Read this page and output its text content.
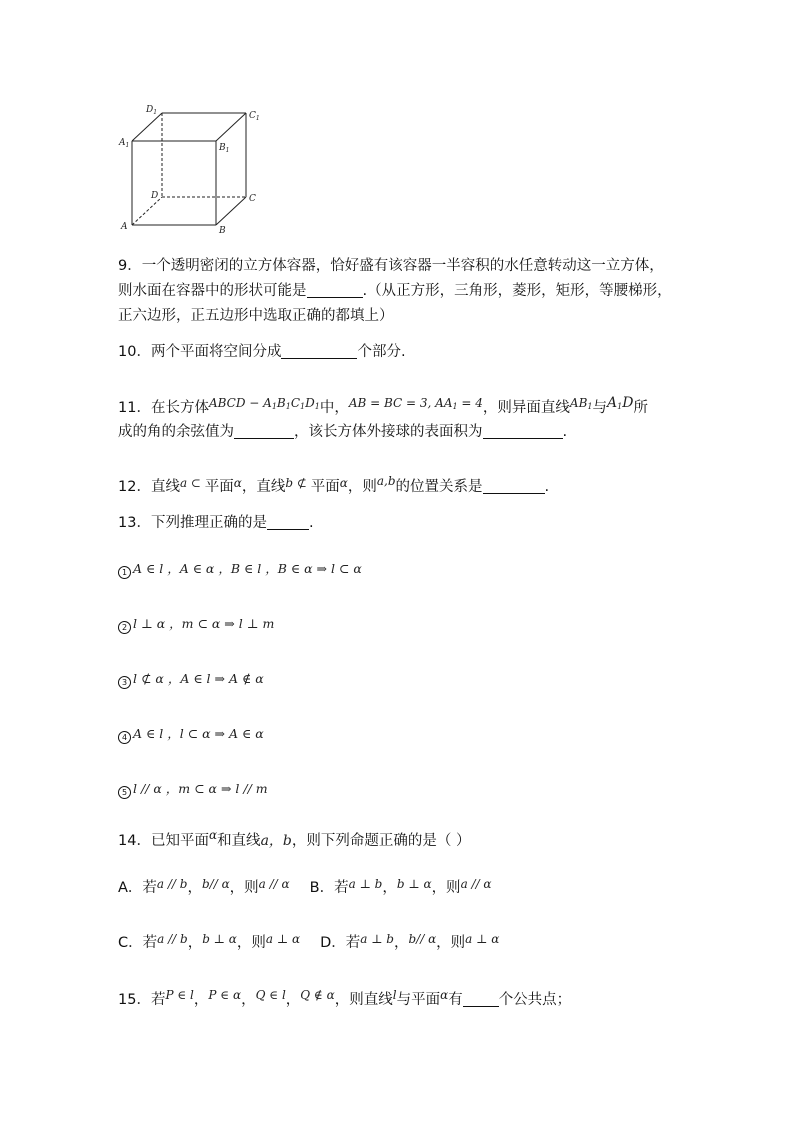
$D_1$	$C_1$
$A_1$	$B_1$
D	C
A	B
9．一个透明密闭的立方体容器，恰好盛有该容器一半容积的水任意转动这一立方体，
则水面在容器中的形状可能是	.（从正方形，三角形，菱形，矩形，等腰梯形，
正六边形，正五边形中选取正确的都填上）
10．两个平面将空间分成	个部分.
11．在长方体$^{ABCD - A_1B_1C_1D_1}$中，$^{AB = BC = 3, AA_1 = 4}$，则异面直线$^{AB_1}$与$A_1D$所
成的角的余弦值为	，该长方体外接球的表面积为	.
12．直线$^{a \subset}$ 平面$^\alpha$，直线$^{b ⊄}$ 平面$^\alpha$，则$^{a,b}$的位置关系是	.
13．下列推理正确的是	.
1 A ∈ l ，A ∈ α ，B ∈ l ，B ∈ α ⇒ l ⊂ α
2 l ⊥ α ，m ⊂ α ⇒ l ⊥ m
3 l ⊄ α ，A ∈ l ⇒ A ∉ α
4 A ∈ l ，l ⊂ α ⇒ A ∈ α
5 l // α ，m ⊂ α ⇒ l // m
14．已知平面$^\alpha$和直线a，b，则下列命题正确的是（ ）
A．若$^{a // b}$，$^{b// \alpha}$，则$^{a // \alpha}$ B．若$^{a \perp b}$，$^{b \perp \alpha}$，则$^{a // \alpha}$
C．若$^{a // b}$，$^{b \perp \alpha}$，则$^{a \perp \alpha}$ D．若$^{a \perp b}$，$^{b// \alpha}$，则$^{a \perp \alpha}$
15．若$^{P \in l}$，$^{P \in \alpha}$，$^{Q \in l}$，$^{Q \notin \alpha}$，则直线$^l$与平面$^\alpha$有 个公共点；
